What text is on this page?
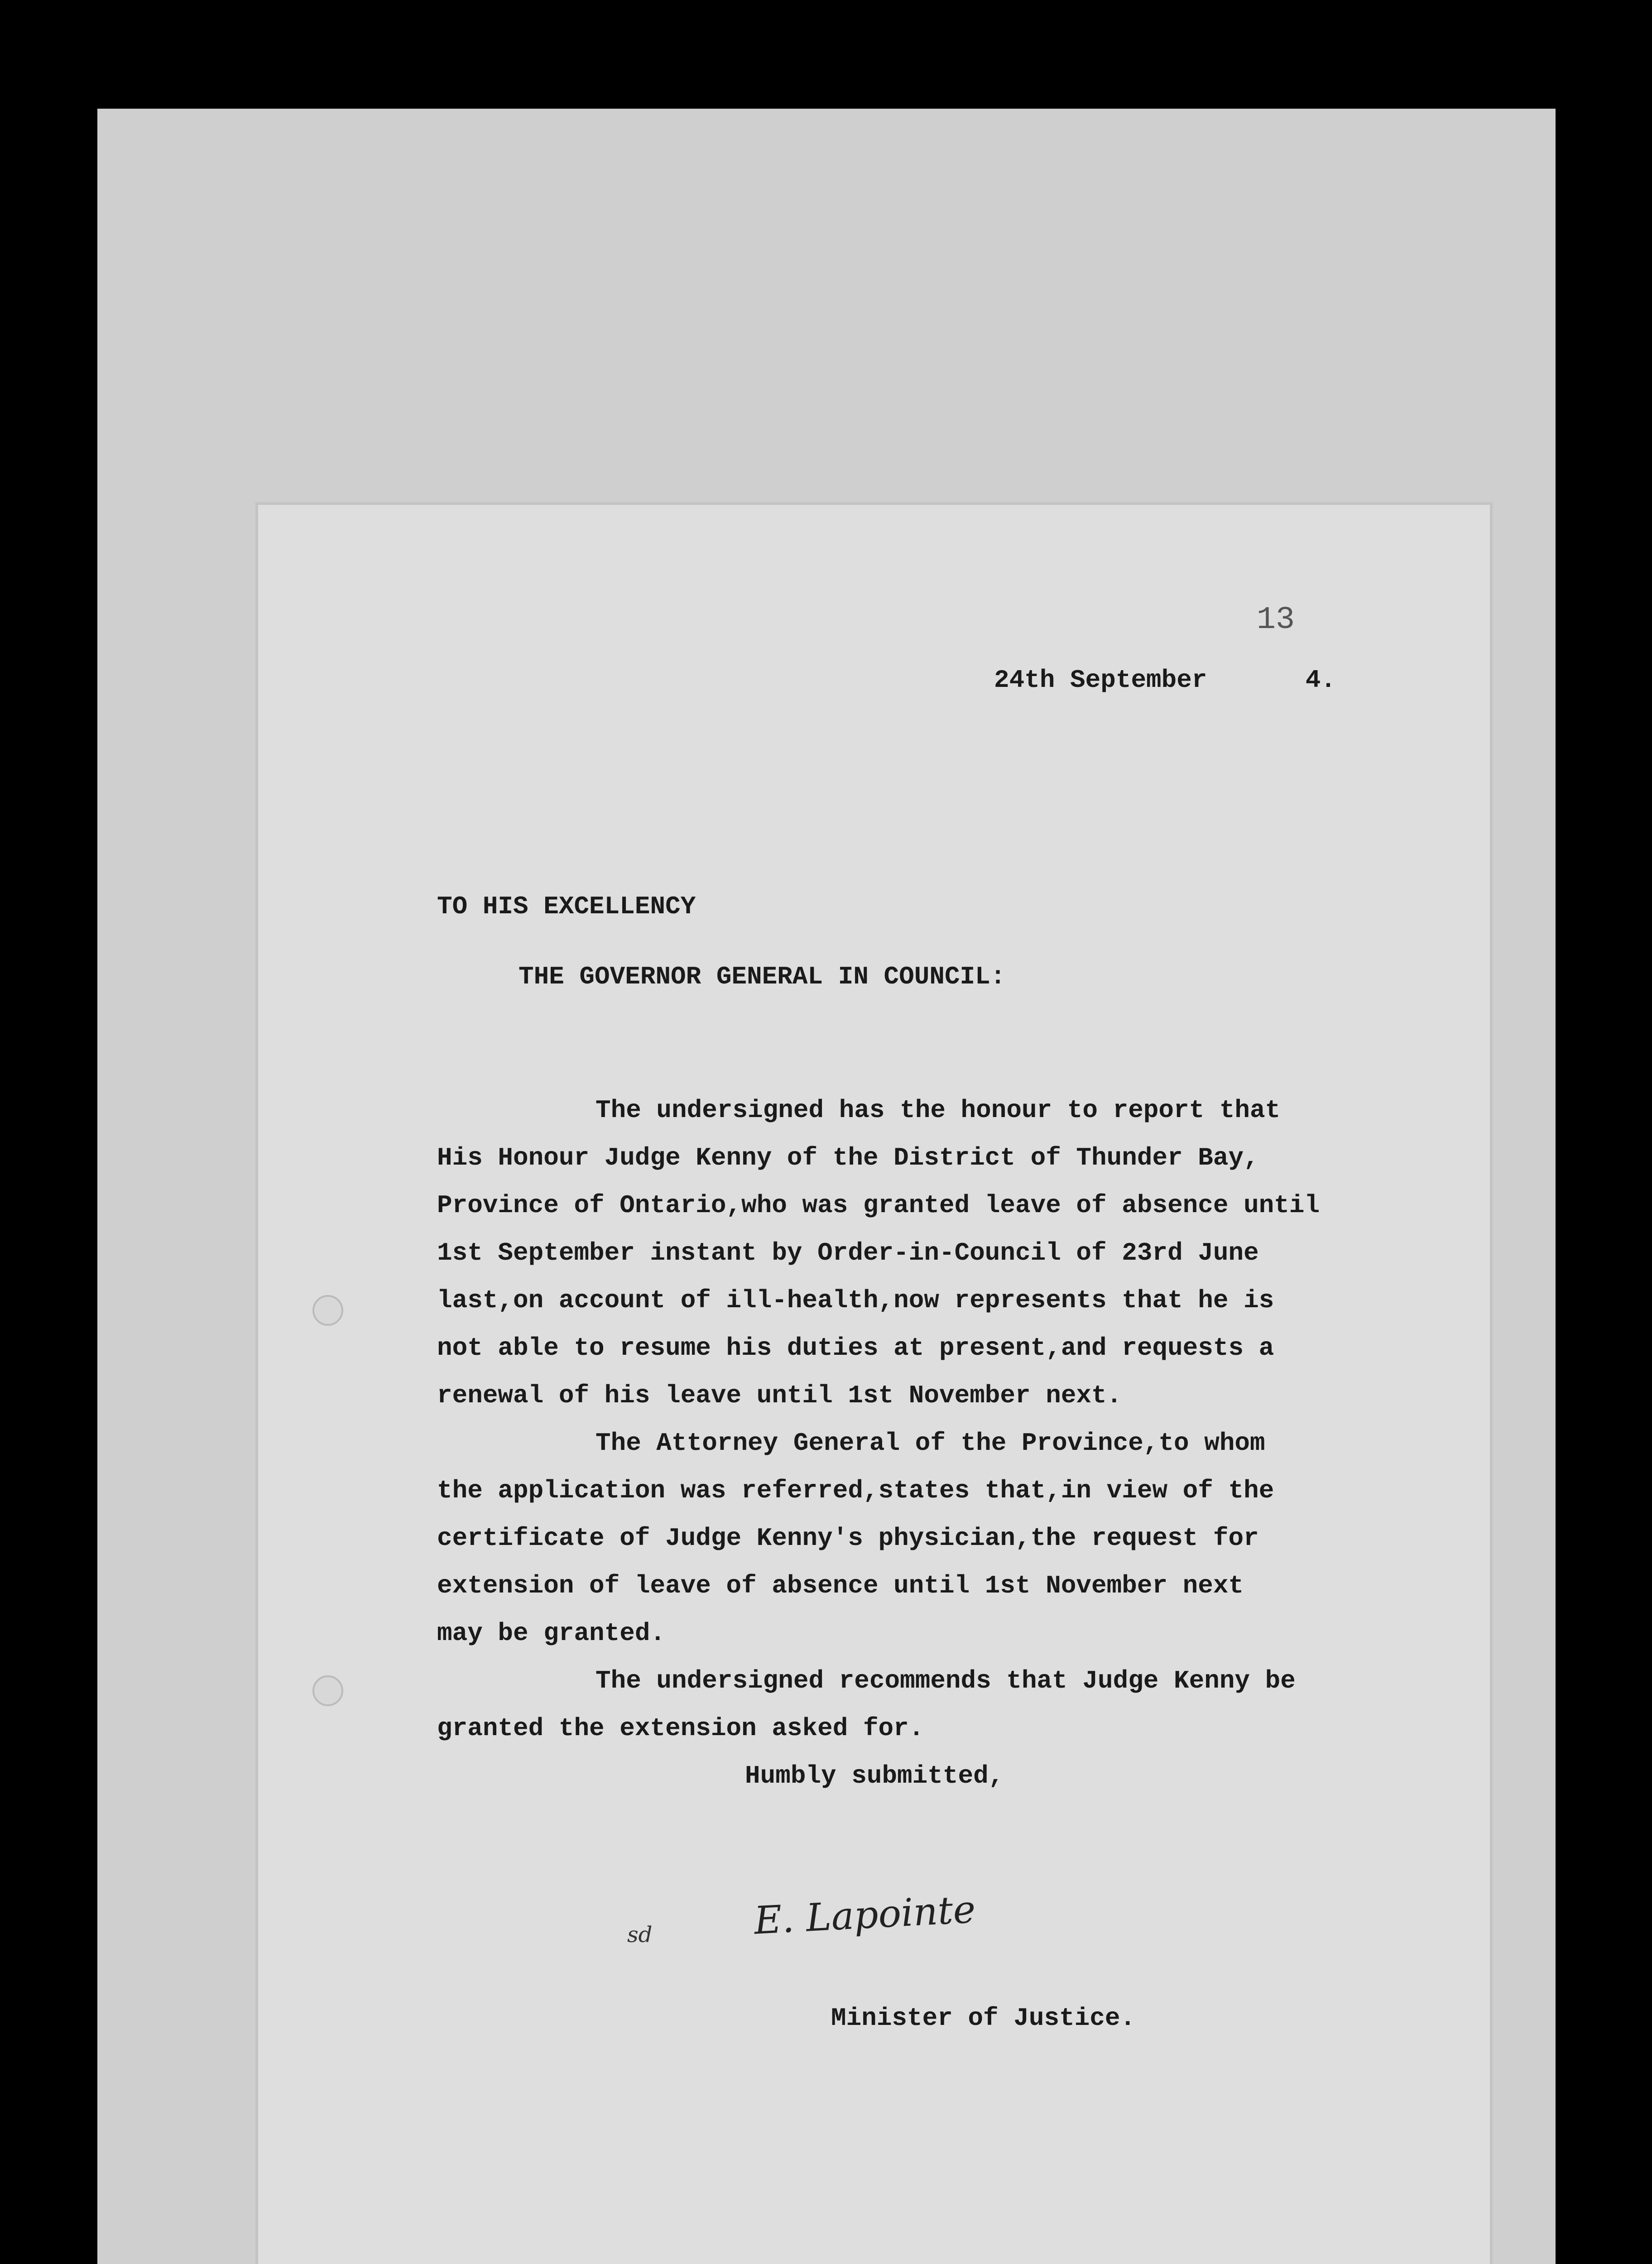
13
24th September	4.
TO HIS EXCELLENCY
THE GOVERNOR GENERAL IN COUNCIL:
The undersigned has the honour to report that
His Honour Judge Kenny of the District of Thunder Bay,
Province of Ontario,who was granted leave of absence until
1st September instant by Order-in-Council of 23rd June
last,on account of ill-health,now represents that he is
not able to resume his duties at present,and requests a
renewal of his leave until 1st November next.
The Attorney General of the Province,to whom
the application was referred,states that,in view of the
certificate of Judge Kenny's physician,the request for
extension of leave of absence until 1st November next
may be granted.
The undersigned recommends that Judge Kenny be
granted the extension asked for.
Humbly submitted,
sd	E. Lapointe
Minister of Justice.
